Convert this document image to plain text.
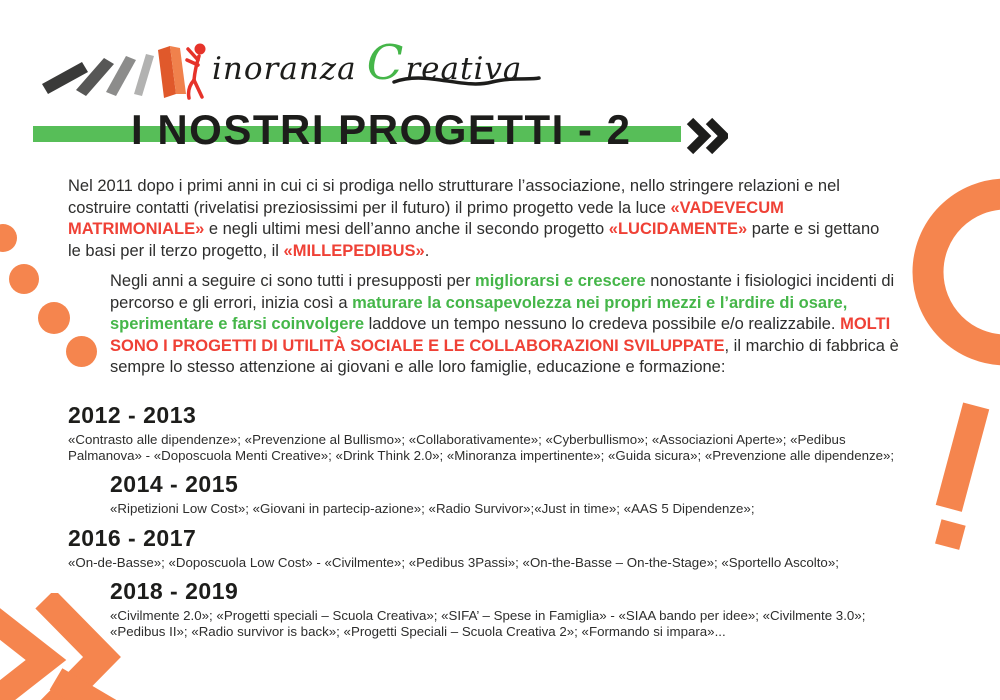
inoranza C reativa
I NOSTRI PROGETTI - 2

Nel 2011 dopo i primi anni in cui ci si prodiga nello strutturare l’associazione, nello stringere relazioni e nel costruire contatti (rivelatisi preziosissimi per il futuro) il primo progetto vede la luce «VADEVECUM MATRIMONIALE» e negli ultimi mesi dell’anno anche il secondo progetto «LUCIDAMENTE» parte e si gettano le basi per il terzo progetto, il «MILLEPEDIBUS».

Negli anni a seguire ci sono tutti i presupposti per migliorarsi e crescere nonostante i fisiologici incidenti di percorso e gli errori, inizia così a maturare la consapevolezza nei propri mezzi e l’ardire di osare, sperimentare e farsi coinvolgere laddove un tempo nessuno lo credeva possibile e/o realizzabile. MOLTI SONO I PROGETTI DI UTILITÀ SOCIALE E LE COLLABORAZIONI SVILUPPATE, il marchio di fabbrica è sempre lo stesso attenzione ai giovani e alle loro famiglie, educazione e formazione:

2012 - 2013
«Contrasto alle dipendenze»; «Prevenzione al Bullismo»; «Collaborativamente»; «Cyberbullismo»; «Associazioni Aperte»; «Pedibus Palmanova» - «Doposcuola Menti Creative»; «Drink Think 2.0»; «Minoranza impertinente»; «Guida sicura»; «Prevenzione alle dipendenze»;
2014 - 2015
«Ripetizioni Low Cost»; «Giovani in partecip-azione»; «Radio Survivor»;«Just in time»; «AAS 5 Dipendenze»;
2016 - 2017
«On-de-Basse»; «Doposcuola Low Cost» - «Civilmente»; «Pedibus 3Passi»; «On-the-Basse – On-the-Stage»; «Sportello Ascolto»;
2018 - 2019
«Civilmente 2.0»; «Progetti speciali – Scuola Creativa»; «SIFA’ – Spese in Famiglia» - «SIAA bando per idee»; «Civilmente 3.0»; «Pedibus II»; «Radio survivor is back»; «Progetti Speciali – Scuola Creativa 2»; «Formando si impara»...
